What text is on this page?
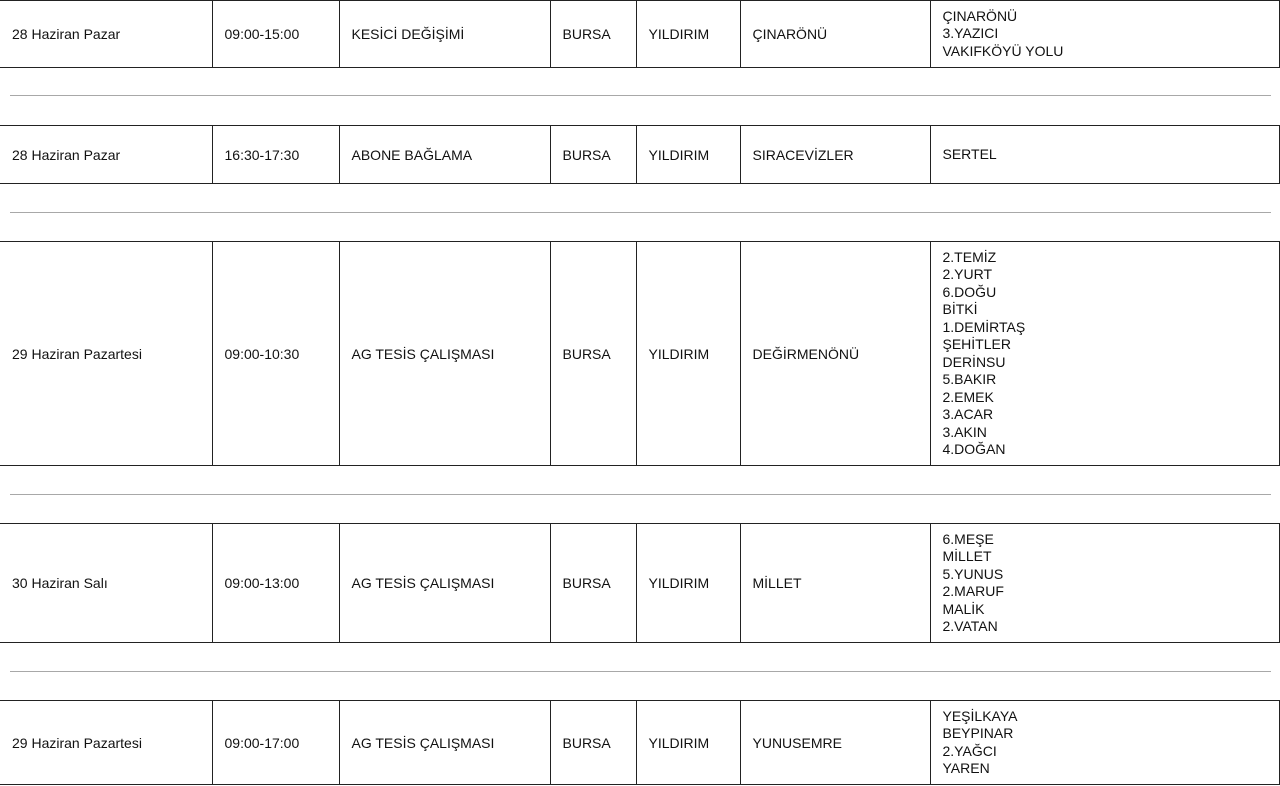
28 Haziran Pazar	09:00-15:00	KESİCİ DEĞİŞİMİ	BURSA	YILDIRIM	ÇINARÖNÜ	
ÇINARÖNÜ
3.YAZICI
VAKIFKÖYÜ YOLU
28 Haziran Pazar	16:30-17:30	ABONE BAĞLAMA	BURSA	YILDIRIM	SIRACEVİZLER	SERTEL
29 Haziran Pazartesi	09:00-10:30	AG TESİS ÇALIŞMASI	BURSA	YILDIRIM	DEĞİRMENÖNÜ	
2.TEMİZ
2.YURT
6.DOĞU
BİTKİ
1.DEMİRTAŞ
ŞEHİTLER
DERİNSU
5.BAKIR
2.EMEK
3.ACAR
3.AKIN
4.DOĞAN
30 Haziran Salı	09:00-13:00	AG TESİS ÇALIŞMASI	BURSA	YILDIRIM	MİLLET	
6.MEŞE
MİLLET
5.YUNUS
2.MARUF
MALİK
2.VATAN
29 Haziran Pazartesi	09:00-17:00	AG TESİS ÇALIŞMASI	BURSA	YILDIRIM	YUNUSEMRE	
YEŞİLKAYA
BEYPINAR
2.YAĞCI
YAREN
